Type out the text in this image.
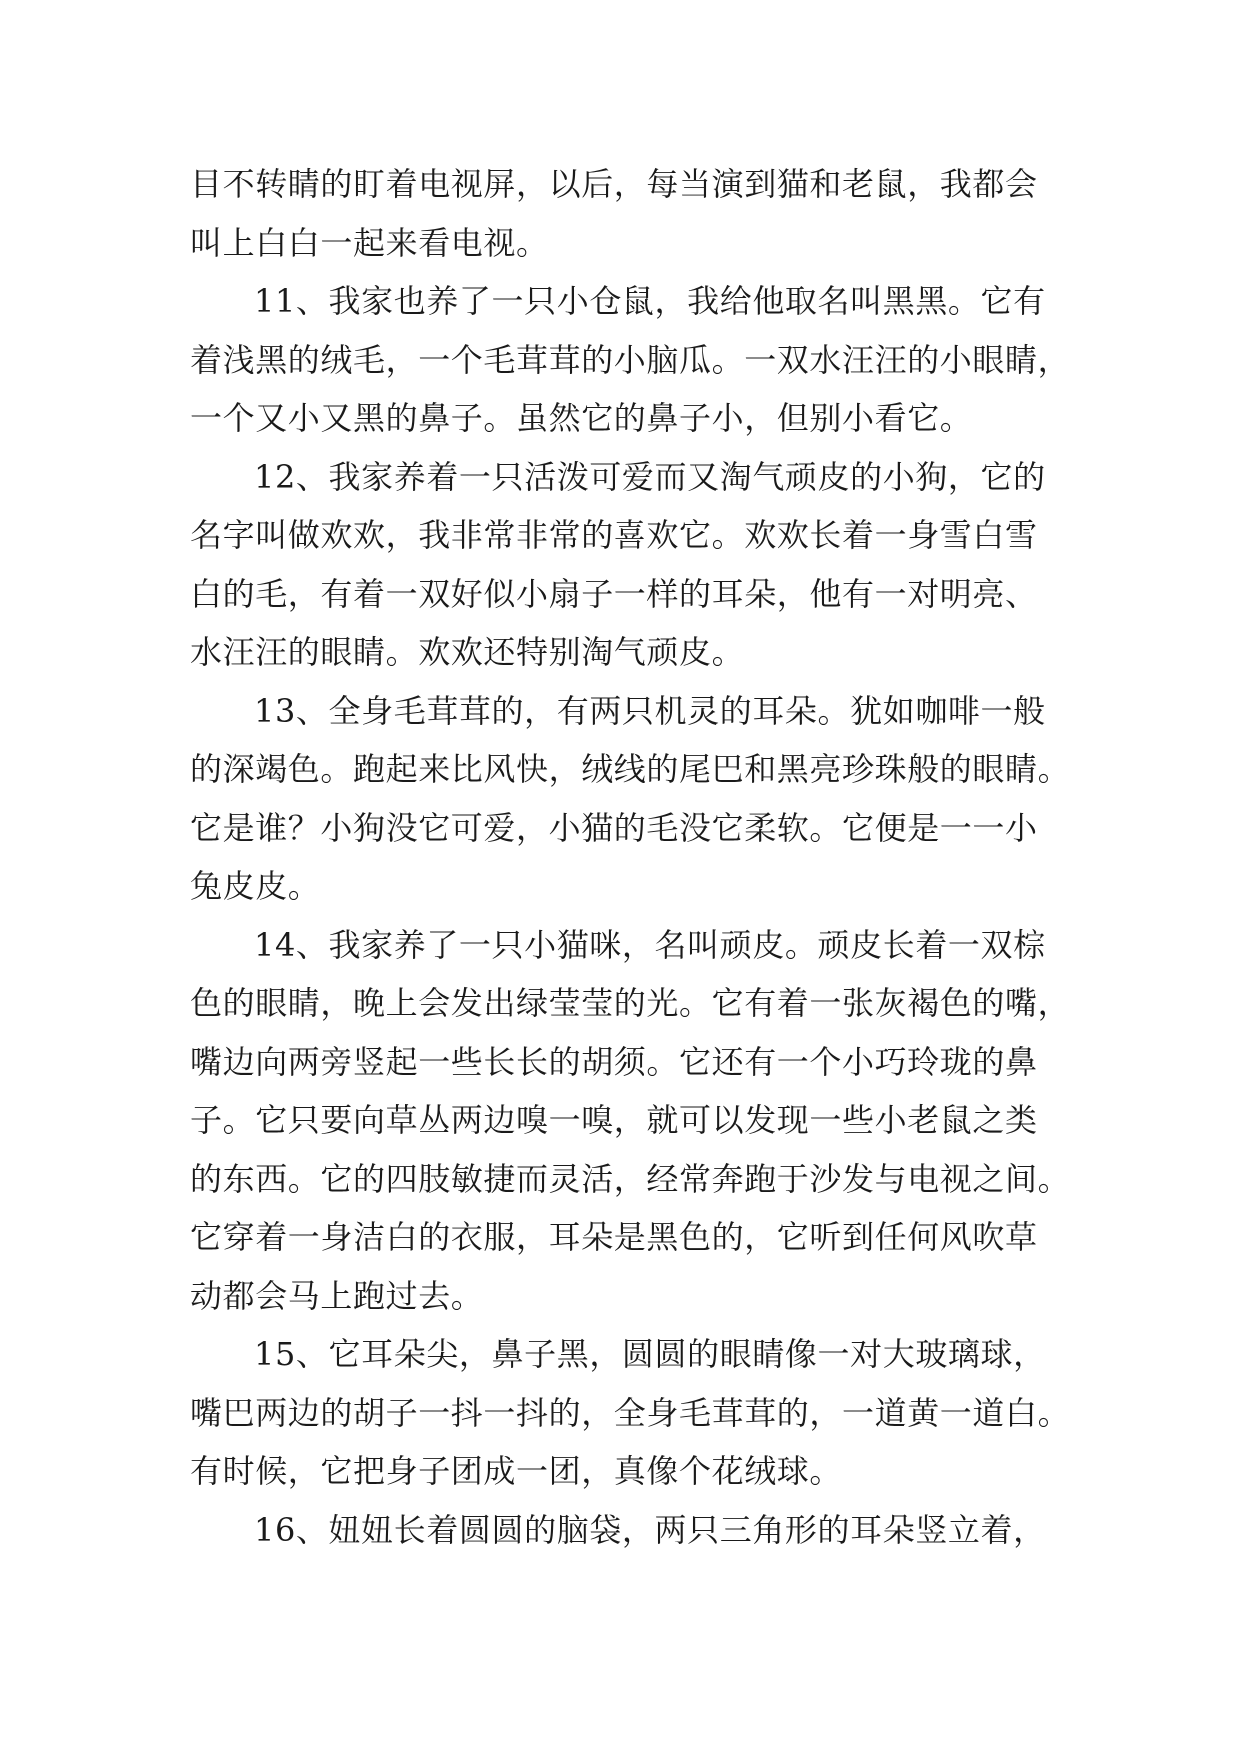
目不转睛的盯着电视屏，以后，每当演到猫和老鼠，我都会
叫上白白一起来看电视。
11、我家也养了一只小仓鼠，我给他取名叫黑黑。它有
着浅黑的绒毛，一个毛茸茸的小脑瓜。一双水汪汪的小眼睛，
一个又小又黑的鼻子。虽然它的鼻子小，但别小看它。
12、我家养着一只活泼可爱而又淘气顽皮的小狗，它的
名字叫做欢欢，我非常非常的喜欢它。欢欢长着一身雪白雪
白的毛，有着一双好似小扇子一样的耳朵，他有一对明亮、
水汪汪的眼睛。欢欢还特别淘气顽皮。
13、全身毛茸茸的，有两只机灵的耳朵。犹如咖啡一般
的深竭色。跑起来比风快，绒线的尾巴和黑亮珍珠般的眼睛。
它是谁？小狗没它可爱，小猫的毛没它柔软。它便是一一小
兔皮皮。
14、我家养了一只小猫咪，名叫顽皮。顽皮长着一双棕
色的眼睛，晚上会发出绿莹莹的光。它有着一张灰褐色的嘴，
嘴边向两旁竖起一些长长的胡须。它还有一个小巧玲珑的鼻
子。它只要向草丛两边嗅一嗅，就可以发现一些小老鼠之类
的东西。它的四肢敏捷而灵活，经常奔跑于沙发与电视之间。
它穿着一身洁白的衣服，耳朵是黑色的，它听到任何风吹草
动都会马上跑过去。
15、它耳朵尖，鼻子黑，圆圆的眼睛像一对大玻璃球，
嘴巴两边的胡子一抖一抖的，全身毛茸茸的，一道黄一道白。
有时候，它把身子团成一团，真像个花绒球。
16、妞妞长着圆圆的脑袋，两只三角形的耳朵竖立着，
